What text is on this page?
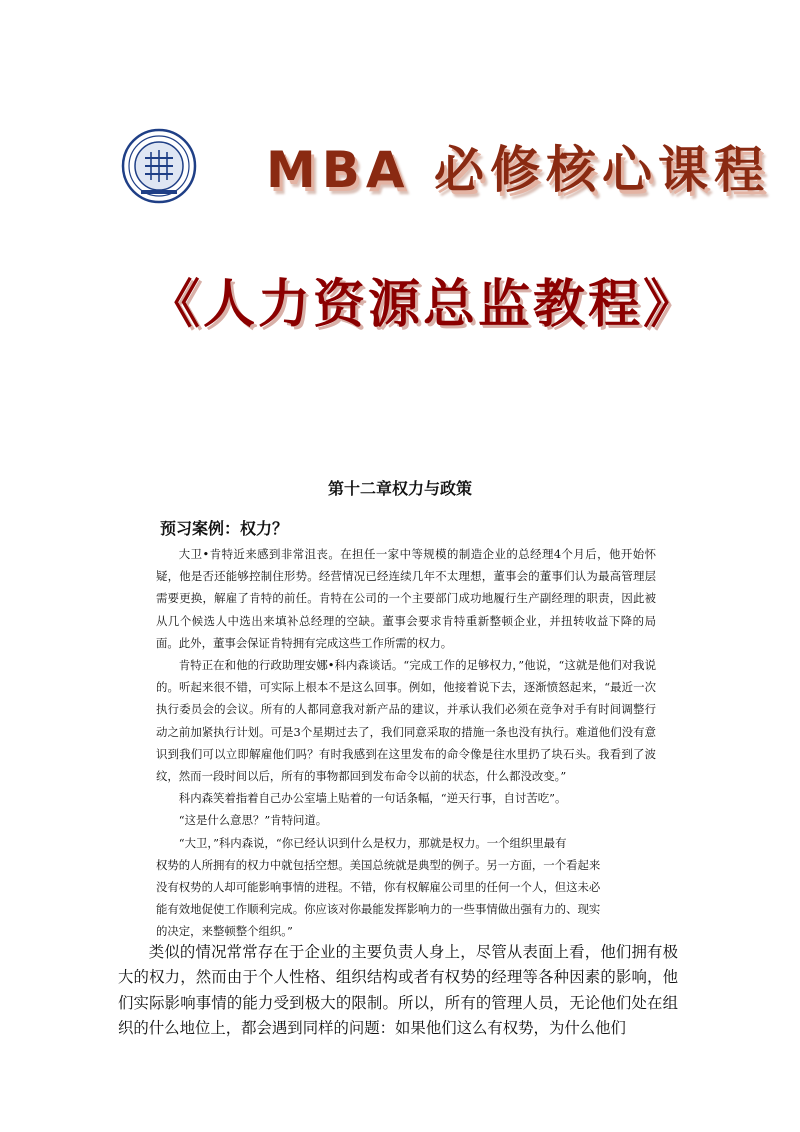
MBA 必修核心课程
《人力资源总监教程》
第十二章权力与政策
预习案例：权力？

大卫•肯特近来感到非常沮丧。在担任一家中等规模的制造企业的总经理4个月后，他开始怀疑，他是否还能够控制住形势。经营情况已经连续几年不太理想，董事会的董事们认为最高管理层需要更换，解雇了肯特的前任。肯特在公司的一个主要部门成功地履行生产副经理的职责，因此被从几个候选人中选出来填补总经理的空缺。董事会要求肯特重新整顿企业，并扭转收益下降的局面。此外，董事会保证肯特拥有完成这些工作所需的权力。

肯特正在和他的行政助理安娜•科内森谈话。“完成工作的足够权力，”他说，“这就是他们对我说的。听起来很不错，可实际上根本不是这么回事。例如，他接着说下去，逐渐愤怒起来，“最近一次执行委员会的会议。所有的人都同意我对新产品的建议，并承认我们必须在竞争对手有时间调整行动之前加紧执行计划。可是3个星期过去了，我们同意采取的措施一条也没有执行。难道他们没有意识到我们可以立即解雇他们吗？有时我感到在这里发布的命令像是往水里扔了块石头。我看到了波纹，然而一段时间以后，所有的事物都回到发布命令以前的状态，什么都没改变。”

科内森笑着指着自己办公室墙上贴着的一句话条幅，“逆天行事，自讨苦吃”。

“这是什么意思？”肯特问道。

“大卫，”科内森说，“你已经认识到什么是权力，那就是权力。一个组织里最有
权势的人所拥有的权力中就包括空想。美国总统就是典型的例子。另一方面，一个看起来
没有权势的人却可能影响事情的进程。不错，你有权解雇公司里的任何一个人，但这未必
能有效地促使工作顺利完成。你应该对你最能发挥影响力的一些事情做出强有力的、现实
的决定，来整顿整个组织。”

类似的情况常常存在于企业的主要负责人身上，尽管从表面上看，他们拥有极大的权力，然而由于个人性格、组织结构或者有权势的经理等各种因素的影响，他们实际影响事情的能力受到极大的限制。所以，所有的管理人员，无论他们处在组织的什么地位上，都会遇到同样的问题：如果他们这么有权势，为什么他们
